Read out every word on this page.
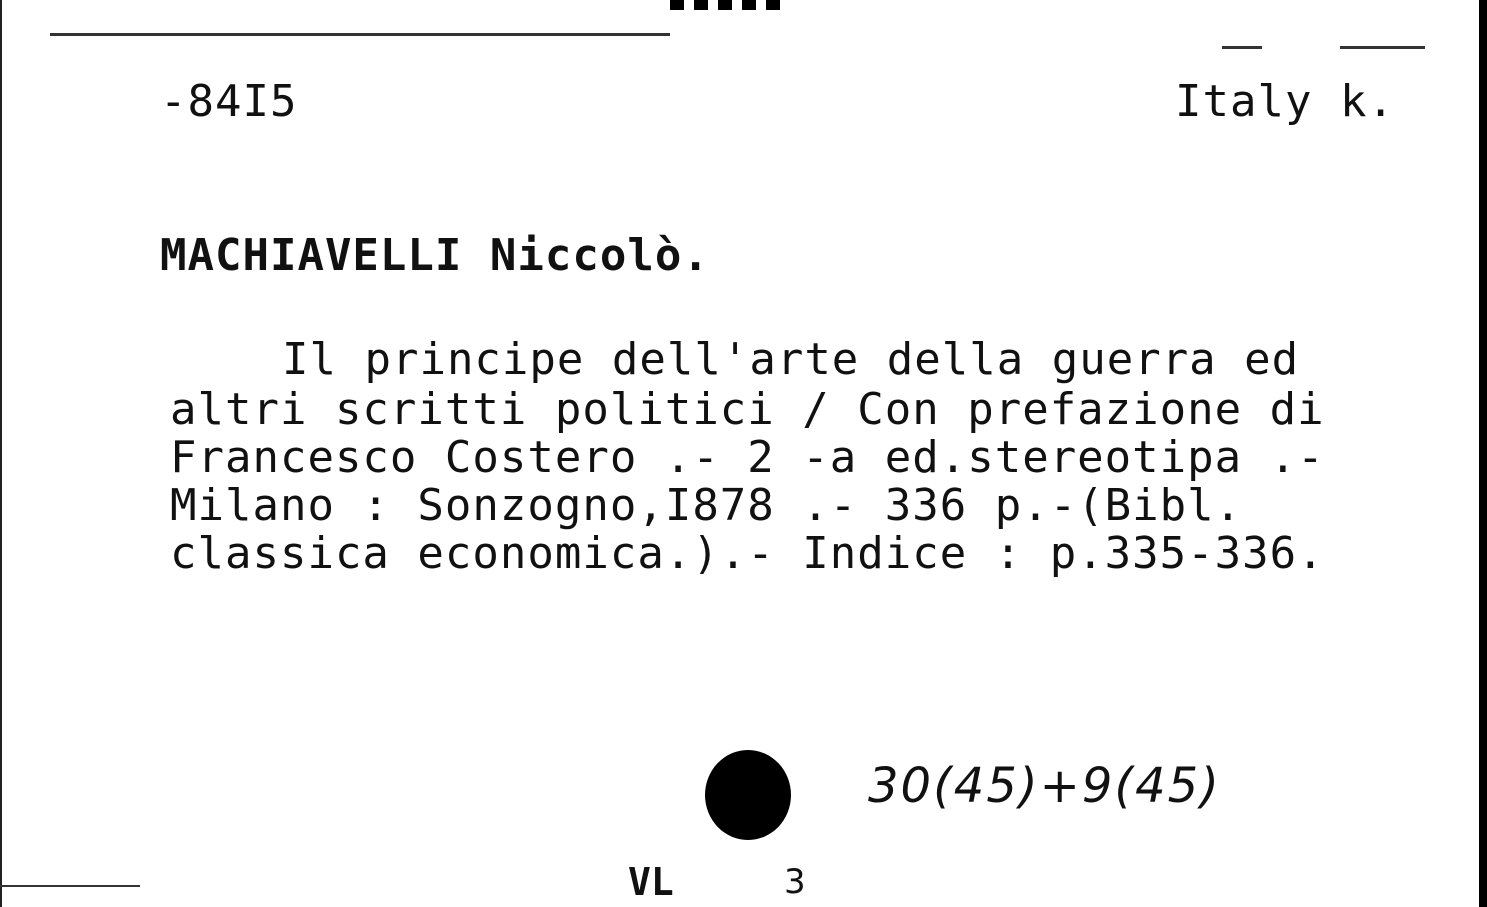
-84I5	Italy k.
MACHIAVELLI Niccolò.
Il principe dell'arte della guerra ed
altri scritti politici / Con prefazione di
Francesco Costero .- 2 -a ed.stereotipa .-
Milano : Sonzogno,I878 .- 336 p.-(Bibl.
classica economica.).- Indice : p.335-336.
30(45)+9(45)
VL	3
